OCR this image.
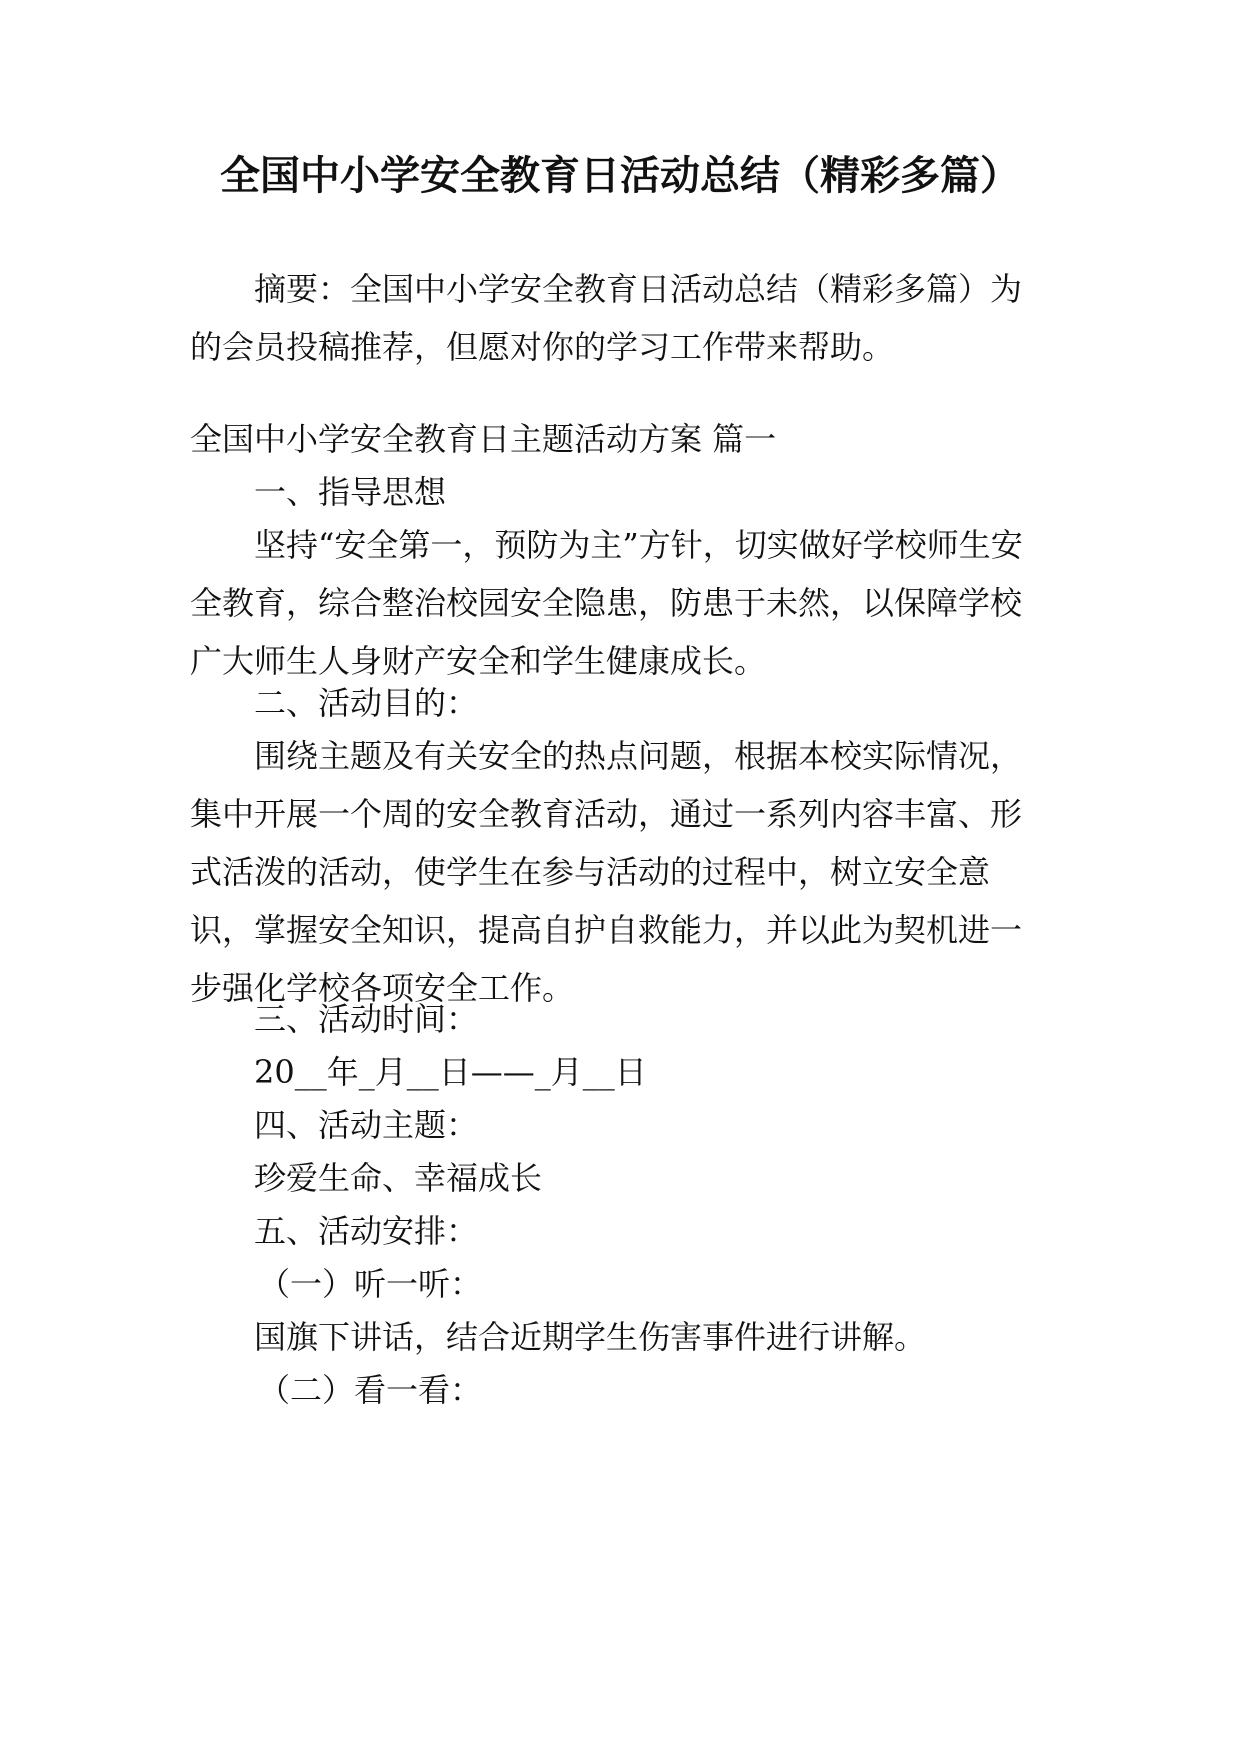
全国中小学安全教育日活动总结（精彩多篇）
摘要：全国中小学安全教育日活动总结（精彩多篇）为的会员投稿推荐，但愿对你的学习工作带来帮助。
全国中小学安全教育日主题活动方案 篇一
一、指导思想
坚持“安全第一，预防为主”方针，切实做好学校师生安全教育，综合整治校园安全隐患，防患于未然，以保障学校广大师生人身财产安全和学生健康成长。
二、活动目的：
围绕主题及有关安全的热点问题，根据本校实际情况，集中开展一个周的安全教育活动，通过一系列内容丰富、形式活泼的活动，使学生在参与活动的过程中，树立安全意识，掌握安全知识，提高自护自救能力，并以此为契机进一步强化学校各项安全工作。
三、活动时间：
20__年_月__日——_月__日
四、活动主题：
珍爱生命、幸福成长
五、活动安排：
（一）听一听：
国旗下讲话，结合近期学生伤害事件进行讲解。
（二）看一看：
